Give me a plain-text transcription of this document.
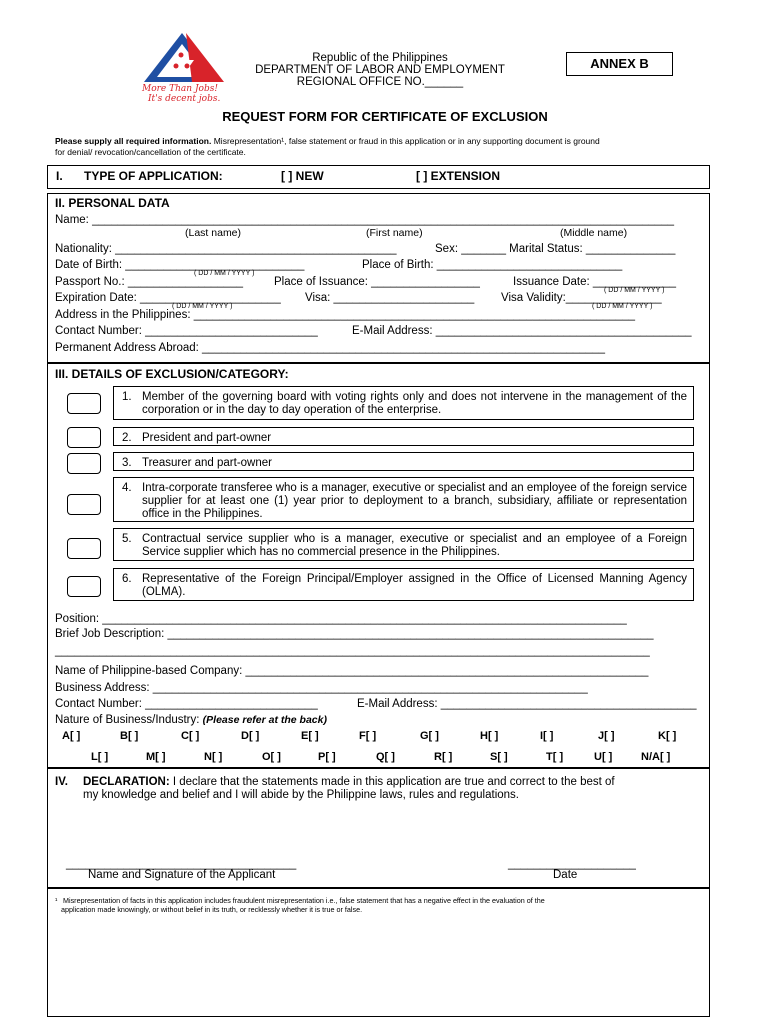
More Than Jobs!
It's decent jobs.
Republic of the Philippines
DEPARTMENT OF LABOR AND EMPLOYMENT
REGIONAL OFFICE NO.______
ANNEX B
REQUEST FORM FOR CERTIFICATE OF EXCLUSION
Please supply all required information. Misrepresentation¹, false statement or fraud in this application or in any supporting document is ground
for denial/ revocation/cancellation of the certificate.
I. TYPE OF APPLICATION:	[ ] NEW	[ ] EXTENSION
II. PERSONAL DATA
Name: ___________________________________________________________________________________________
(Last name)	(First name)	(Middle name)
Nationality: ____________________________________________	Sex: _______ Marital Status: ______________
Date of Birth: ____________________________	Place of Birth: _____________________________
( DD / MM / YYYY )
Passport No.: __________________	Place of Issuance: _________________	Issuance Date: _____________
( DD / MM / YYYY )
Expiration Date: ______________________ Visa: ______________________ Visa Validity:_______________
( DD / MM / YYYY )	( DD / MM / YYYY )
Address in the Philippines: _____________________________________________________________________
Contact Number: ___________________________	E-Mail Address: ________________________________________
Permanent Address Abroad: _______________________________________________________________
III. DETAILS OF EXCLUSION/CATEGORY:
1. Member of the governing board with voting rights only and does not intervene in the management of the corporation or in the day to day operation of the enterprise.
2. President and part-owner
3. Treasurer and part-owner
4. Intra-corporate transferee who is a manager, executive or specialist and an employee of the foreign service supplier for at least one (1) year prior to deployment to a branch, subsidiary, affiliate or representation office in the Philippines.
5. Contractual service supplier who is a manager, executive or specialist and an employee of a Foreign Service supplier which has no commercial presence in the Philippines.
6. Representative of the Foreign Principal/Employer assigned in the Office of Licensed Manning Agency (OLMA).
Position: __________________________________________________________________________________
Brief Job Description: ____________________________________________________________________________
_____________________________________________________________________________________________
Name of Philippine-based Company: _______________________________________________________________
Business Address: ____________________________________________________________________
Contact Number: ___________________________	E-Mail Address: ________________________________________
Nature of Business/Industry: (Please refer at the back)
A[ ]	B[ ]	C[ ]	D[ ]	E[ ]	F[ ]	G[ ]	H[ ]	I[ ]	J[ ]	K[ ]
L[ ]	M[ ]	N[ ]	O[ ]	P[ ]	Q[ ]	R[ ]	S[ ]	T[ ]	U[ ]	N/A[ ]
IV. DECLARATION: I declare that the statements made in this application are true and correct to the best of
my knowledge and belief and I will abide by the Philippine laws, rules and regulations.
____________________________________
Name and Signature of the Applicant
____________________
Date
¹ Misrepresentation of facts in this application includes fraudulent misrepresentation i.e., false statement that has a negative effect in the evaluation of the
application made knowingly, or without belief in its truth, or recklessly whether it is true or false.
